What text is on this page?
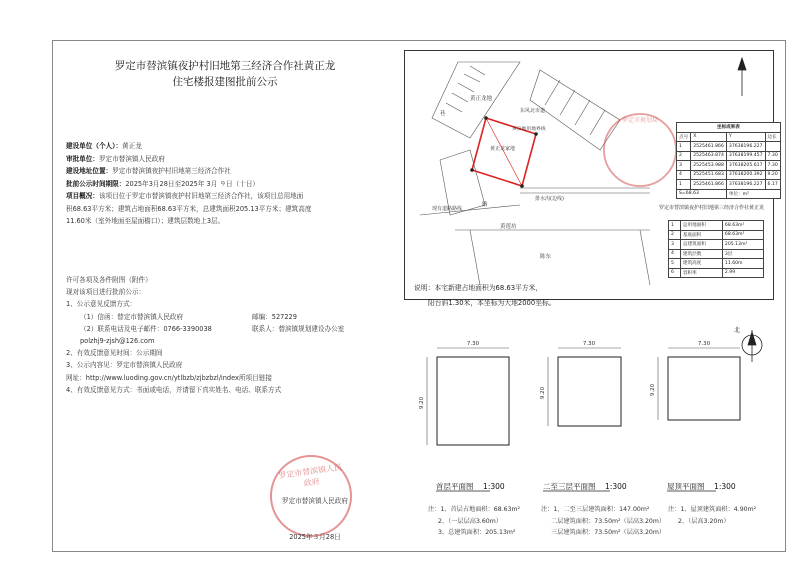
罗定市替滨镇夜护村旧地第三经济合作社黄正龙
住宅楼报建图批前公示
建设单位（个人）：黄正龙
审批单位：罗定市替滨镇人民政府
建设地址位置：罗定市替滨镇夜护村旧地第三经济合作社
批前公示时间期限：2025年3月28日至2025年 3月 ９日（十日）
项目概况：该项目位于罗定市替滨镇夜护村旧地第三经济合作社，该项目总用地面
积68.63平方米；建筑占地面积68.63平方米，总建筑面积205.13平方米；建筑高度
11.60米（室外地面至屋面檐口）；建筑层数地上3层。
许可各项及各件附图（附件）
现对该项目进行批前公示：
1、公示意见反馈方式：
（1）信函：替定市替滨镇人民政府	邮编：527229
（2）联系电话及电子邮件：0766-3390038	联系人：替滨镇规划建设办公室
polzhj9-zjsh@126.com
2、有效反馈意见时间：公示期间
3、公示内容见：罗定市替滨镇人民政府
网址：http://www.luoding.gov.cn/ytlbzb/zjbzbzl/index所项目链接
4、有效反馈意见方式：书面或电话，并请留下真实姓名、电话、联系方式
罗定市替滨镇人民政府
罗定市替滨镇人民政府
2025年３月28日
黄正龙地
黄正龙家地
巷	东风北市道
排水沟(边线)
现有道路路线
黄莲坊
陈东
路
该宗地用地界线
罗定市规划局
7.30	7.30	7.30
9.20
9.20	9.20
北
坐标成果表			
点号	X	Y	边长
1	2525461.866	37638196.227	
2	2525463.874	37638199.457	7.30
3	2525453.988	37638205.617	7.30
4	2525451.683	37638200.392	9.20
1	2525461.866	37638196.227	6.17
S=68.63		单位：m²	
罗定市替滨镇夜护村旧地第三经济合作社黄正龙
1	总用地面积	68.63m²
2	基底面积	68.63m²
3	总建筑面积	205.13m²
4	建筑层数	3层
5	建筑高度	11.60m
6	容积率	2.99
说明：本宅新建占地面积为68.63平方米，
阳台斜1.30米，本坐标为大地2000坐标。
首层平面图 1:300	二至三层平面图 1:300	屋顶平面图 1:300
注：1、首层占地面积：68.63m²
2、（一层层高3.60m）
3、总建筑面积：205.13m²
注：1、二至三层建筑面积：147.00m²
二层建筑面积：73.50m²（层高3.20m）
三层建筑面积：73.50m²（层高3.20m）
注：1、屋顶建筑面积：4.90m²
2、（层高3.20m）
